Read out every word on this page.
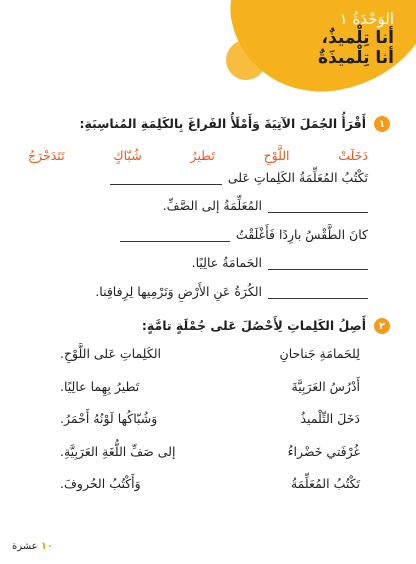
الوَحْدَةُ ١
أنا تِلْميذٌ،
أنا تِلْميذَةٌ
١
أَقْرَأُ الجُمَلَ الآتِيَةَ وَأَمْلَأُ الفَراغَ بِالكَلِمَةِ المُناسِبَةِ:
دَخَلَتْ
اللَّوْحِ
تَطيرُ
شُبّاكٍ
تَتَدَحْرَجُ
تَكْتُبُ المُعَلِّمَةُ الكَلِماتِ عَلى
المُعَلِّمَةُ إلى الصَّفِّ.
كانَ الطَّقْسُ بارِدًا فَأَغْلَقْتُ
الحَمامَةُ عالِيًا.
الكُرَةُ عَنِ الأَرْضِ وَتَرْمِيها لِرِفاقِنا.
٢
أَصِلُ الكَلِماتِ لِأَحْصُلَ عَلى جُمْلَةٍ تامَّةٍ:
لِلحَمامَةِ جَناحانِ
الكَلِماتِ عَلى اللَّوْحِ.
أَدْرُسُ العَرَبِيَّةَ
تَطيرُ بِهِما عالِيًا.
دَخَلَ التِّلْميذُ
وَشُبّاكُها لَوْنُهُ أَحْمَرُ.
غُرْفَتي خَضْراءُ
إلى صَفِّ اللُّغَةِ العَرَبِيَّةِ.
تَكْتُبُ المُعَلِّمَةُ
وَأَكْتُبُ الحُروفَ.
١٠ عشرة
